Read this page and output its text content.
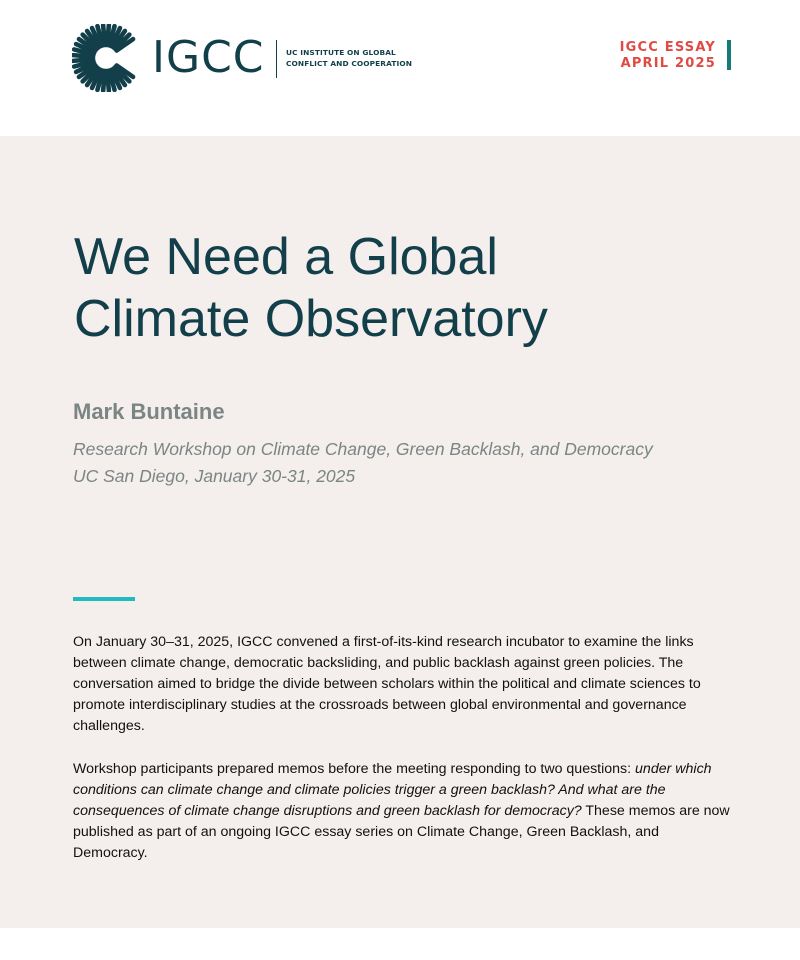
IGCC	UC INSTITUTE ON GLOBAL
CONFLICT AND COOPERATION
IGCC ESSAY
APRIL 2025
We Need a Global
Climate Observatory
Mark Buntaine
Research Workshop on Climate Change, Green Backlash, and Democracy
UC San Diego, January 30-31, 2025

On January 30–31, 2025, IGCC convened a first-of-its-kind research incubator to examine the links between climate change, democratic backsliding, and public backlash against green policies. The conversation aimed to bridge the divide between scholars within the political and climate sciences to promote interdisciplinary studies at the crossroads between global environmental and governance challenges.

Workshop participants prepared memos before the meeting responding to two questions: under which conditions can climate change and climate policies trigger a green backlash? And what are the consequences of climate change disruptions and green backlash for democracy? These memos are now published as part of an ongoing IGCC essay series on Climate Change, Green Backlash, and Democracy.
